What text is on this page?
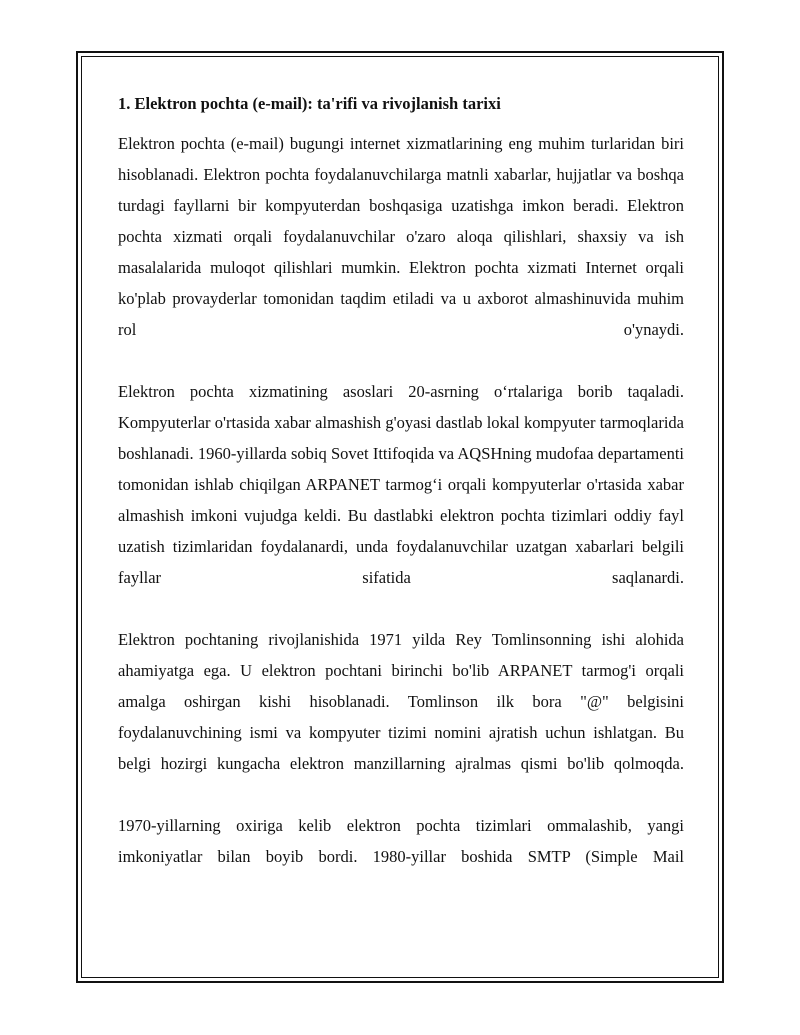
1. Elektron pochta (e-mail): ta'rifi va rivojlanish tarixi

Elektron pochta (e-mail) bugungi internet xizmatlarining eng muhim turlaridan biri hisoblanadi. Elektron pochta foydalanuvchilarga matnli xabarlar, hujjatlar va boshqa turdagi fayllarni bir kompyuterdan boshqasiga uzatishga imkon beradi. Elektron pochta xizmati orqali foydalanuvchilar o'zaro aloqa qilishlari, shaxsiy va ish masalalarida muloqot qilishlari mumkin. Elektron pochta xizmati Internet orqali ko'plab provayderlar tomonidan taqdim etiladi va u axborot almashinuvida muhim rol o'ynaydi.

Elektron pochta xizmatining asoslari 20-asrning o‘rtalariga borib taqaladi. Kompyuterlar o'rtasida xabar almashish g'oyasi dastlab lokal kompyuter tarmoqlarida boshlanadi. 1960-yillarda sobiq Sovet Ittifoqida va AQSHning mudofaa departamenti tomonidan ishlab chiqilgan ARPANET tarmog‘i orqali kompyuterlar o'rtasida xabar almashish imkoni vujudga keldi. Bu dastlabki elektron pochta tizimlari oddiy fayl uzatish tizimlaridan foydalanardi, unda foydalanuvchilar uzatgan xabarlari belgili fayllar sifatida saqlanardi.

Elektron pochtaning rivojlanishida 1971 yilda Rey Tomlinsonning ishi alohida ahamiyatga ega. U elektron pochtani birinchi bo'lib ARPANET tarmog'i orqali amalga oshirgan kishi hisoblanadi. Tomlinson ilk bora "@" belgisini foydalanuvchining ismi va kompyuter tizimi nomini ajratish uchun ishlatgan. Bu belgi hozirgi kungacha elektron manzillarning ajralmas qismi bo'lib qolmoqda.

1970-yillarning oxiriga kelib elektron pochta tizimlari ommalashib, yangi imkoniyatlar bilan boyib bordi. 1980-yillar boshida SMTP (Simple Mail
